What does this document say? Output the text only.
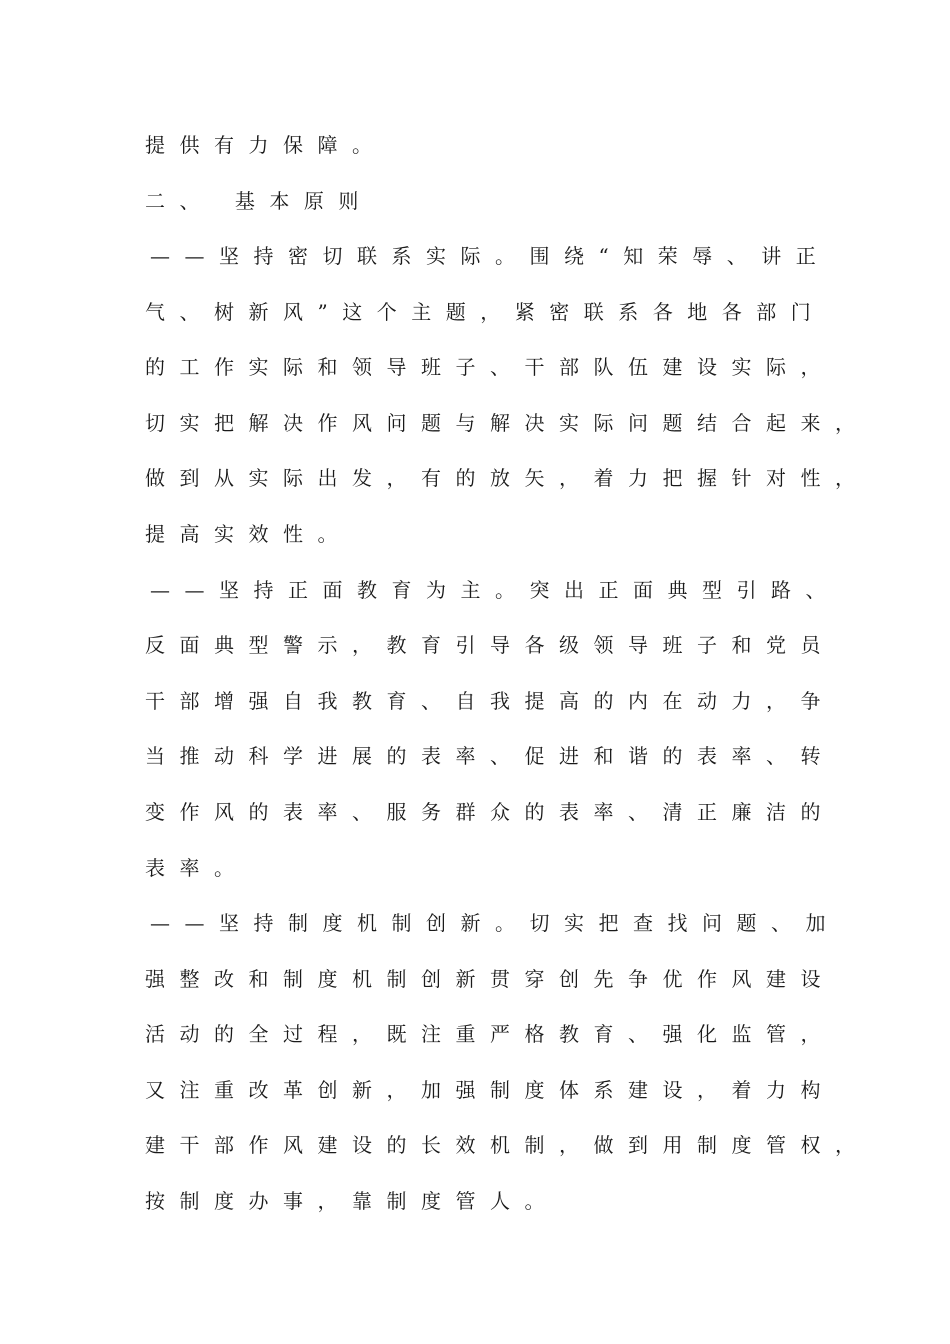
提供有力保障。
二、 基本原则
——坚持密切联系实际。围绕“知荣辱、讲正
气、树新风”这个主题，紧密联系各地各部门
的工作实际和领导班子、干部队伍建设实际，
切实把解决作风问题与解决实际问题结合起来，
做到从实际出发，有的放矢，着力把握针对性，
提高实效性。
——坚持正面教育为主。突出正面典型引路、
反面典型警示，教育引导各级领导班子和党员
干部增强自我教育、自我提高的内在动力，争
当推动科学进展的表率、促进和谐的表率、转
变作风的表率、服务群众的表率、清正廉洁的
表率。
——坚持制度机制创新。切实把查找问题、加
强整改和制度机制创新贯穿创先争优作风建设
活动的全过程，既注重严格教育、强化监管，
又注重改革创新，加强制度体系建设，着力构
建干部作风建设的长效机制，做到用制度管权，
按制度办事，靠制度管人。
